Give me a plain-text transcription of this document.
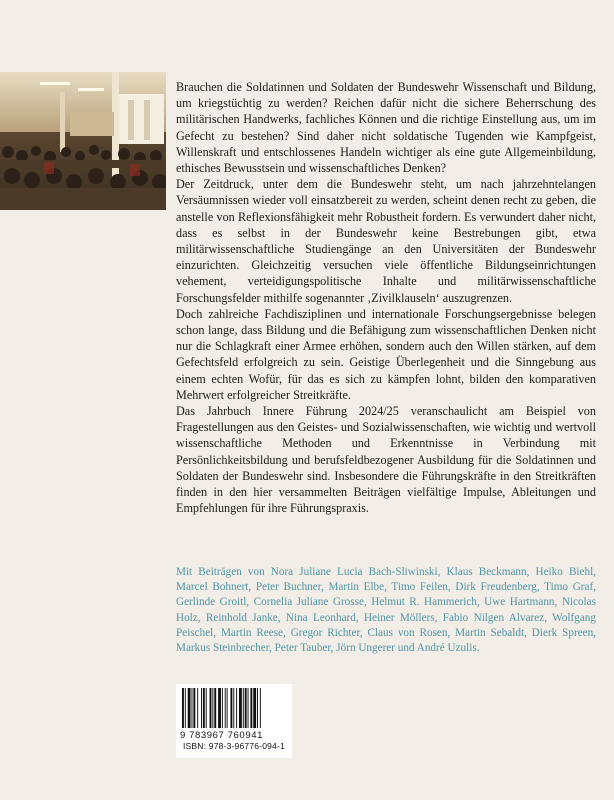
Brauchen die Soldatinnen und Soldaten der Bundeswehr Wissenschaft und Bildung, um kriegstüchtig zu werden? Reichen dafür nicht die sichere Beherrschung des militärischen Handwerks, fachliches Können und die richtige Einstellung aus, um im Gefecht zu bestehen? Sind daher nicht soldatische Tugenden wie Kampfgeist, Willenskraft und entschlossenes Handeln wichtiger als eine gute Allgemeinbildung, ethisches Bewusstsein und wissenschaftliches Denken?

Der Zeitdruck, unter dem die Bundeswehr steht, um nach jahrzehntelangen Versäumnissen wieder voll einsatzbereit zu werden, scheint denen recht zu geben, die anstelle von Reflexionsfähigkeit mehr Robustheit fordern. Es verwundert daher nicht, dass es selbst in der Bundeswehr keine Bestrebungen gibt, etwa militärwissenschaftliche Studiengänge an den Universitäten der Bundeswehr einzurichten. Gleichzeitig versuchen viele öffentliche Bildungseinrichtungen vehement, verteidigungspolitische Inhalte und militärwissenschaftliche Forschungsfelder mithilfe sogenannter ‚Zivilklauseln‘ auszugrenzen.

Doch zahlreiche Fachdisziplinen und internationale Forschungsergebnisse belegen schon lange, dass Bildung und die Befähigung zum wissenschaftlichen Denken nicht nur die Schlagkraft einer Armee erhöhen, sondern auch den Willen stärken, auf dem Gefechtsfeld erfolgreich zu sein. Geistige Überlegenheit und die Sinngebung aus einem echten Wofür, für das es sich zu kämpfen lohnt, bilden den komparativen Mehrwert erfolgreicher Streitkräfte.

Das Jahrbuch Innere Führung 2024/25 veranschaulicht am Beispiel von Fragestellungen aus den Geistes- und Sozialwissenschaften, wie wichtig und wertvoll wissenschaftliche Methoden und Erkenntnisse in Verbindung mit Persönlichkeitsbildung und berufsfeldbezogener Ausbildung für die Soldatinnen und Soldaten der Bundeswehr sind. Insbesondere die Führungskräfte in den Streitkräften finden in den hier versammelten Beiträgen vielfältige Impulse, Ableitungen und Empfehlungen für ihre Führungspraxis.

Mit Beiträgen von Nora Juliane Lucia Bach-Sliwinski, Klaus Beckmann, Heiko Biehl, Marcel Bohnert, Peter Buchner, Martin Elbe, Timo Feilen, Dirk Freudenberg, Timo Graf, Gerlinde Groitl, Cornelia Juliane Grosse, Helmut R. Hammerich, Uwe Hartmann, Nicolas Holz, Reinhold Janke, Nina Leonhard, Heiner Möllers, Fabio Nilgen Alvarez, Wolfgang Peischel, Martin Reese, Gregor Richter, Claus von Rosen, Martin Sebaldt, Dierk Spreen, Markus Steinbrecher, Peter Tauber, Jörn Ungerer und André Uzulis.
9 783967 760941
ISBN: 978-3-96776-094-1
